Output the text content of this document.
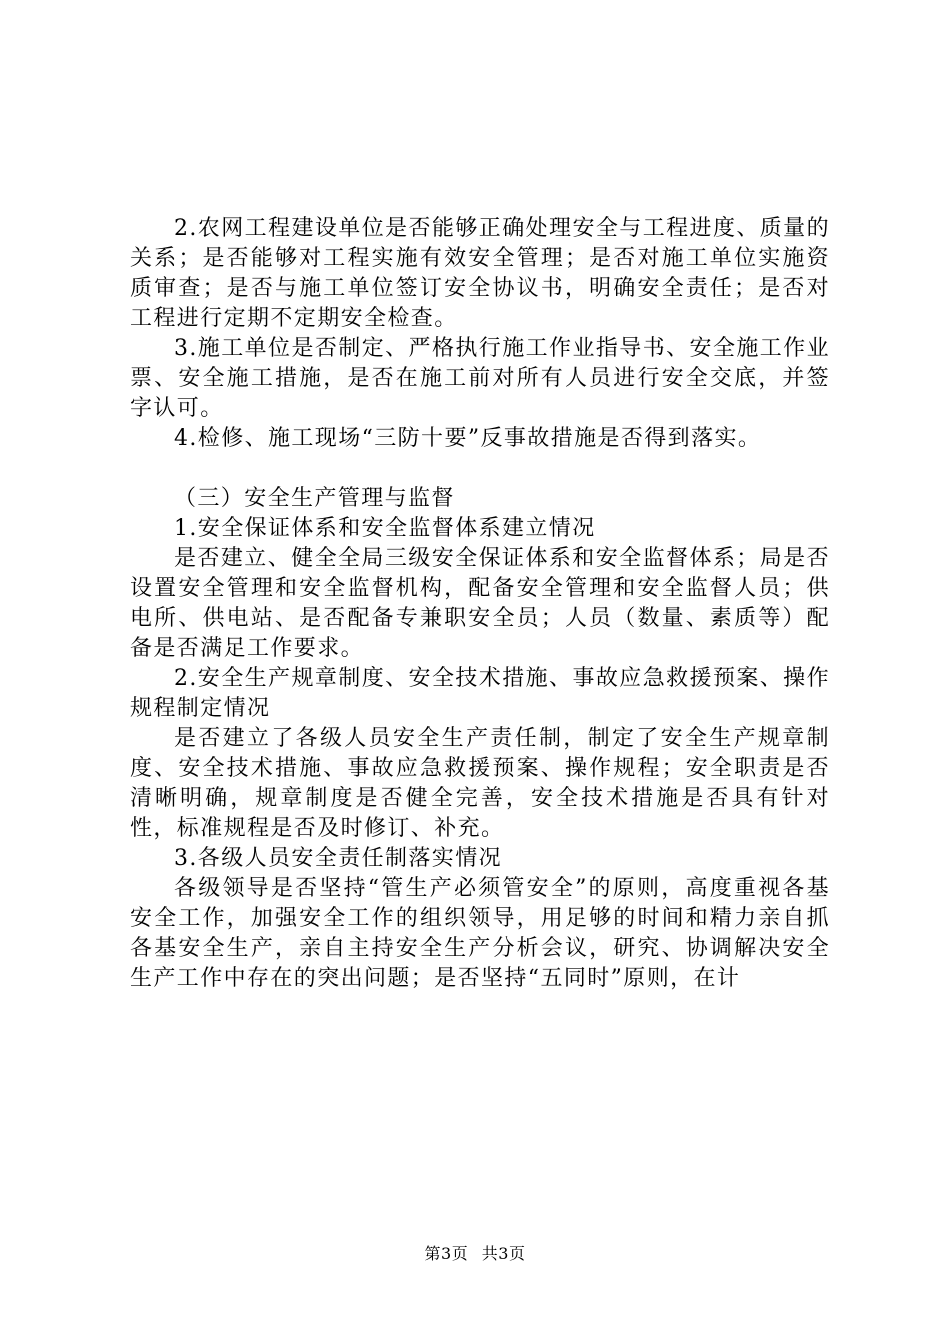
2.农网工程建设单位是否能够正确处理安全与工程进度、质量的关系；是否能够对工程实施有效安全管理；是否对施工单位实施资质审查；是否与施工单位签订安全协议书，明确安全责任；是否对工程进行定期不定期安全检查。

3.施工单位是否制定、严格执行施工作业指导书、安全施工作业票、安全施工措施，是否在施工前对所有人员进行安全交底，并签字认可。

4.检修、施工现场“三防十要”反事故措施是否得到落实。

（三）安全生产管理与监督

1.安全保证体系和安全监督体系建立情况

是否建立、健全全局三级安全保证体系和安全监督体系；局是否设置安全管理和安全监督机构，配备安全管理和安全监督人员；供电所、供电站、是否配备专兼职安全员；人员（数量、素质等）配备是否满足工作要求。

2.安全生产规章制度、安全技术措施、事故应急救援预案、操作规程制定情况

是否建立了各级人员安全生产责任制，制定了安全生产规章制度、安全技术措施、事故应急救援预案、操作规程；安全职责是否清晰明确，规章制度是否健全完善，安全技术措施是否具有针对性，标准规程是否及时修订、补充。

3.各级人员安全责任制落实情况

各级领导是否坚持“管生产必须管安全”的原则，高度重视各基安全工作，加强安全工作的组织领导，用足够的时间和精力亲自抓各基安全生产，亲自主持安全生产分析会议，研究、协调解决安全生产工作中存在的突出问题；是否坚持“五同时”原则，在计

第3页 共3页
